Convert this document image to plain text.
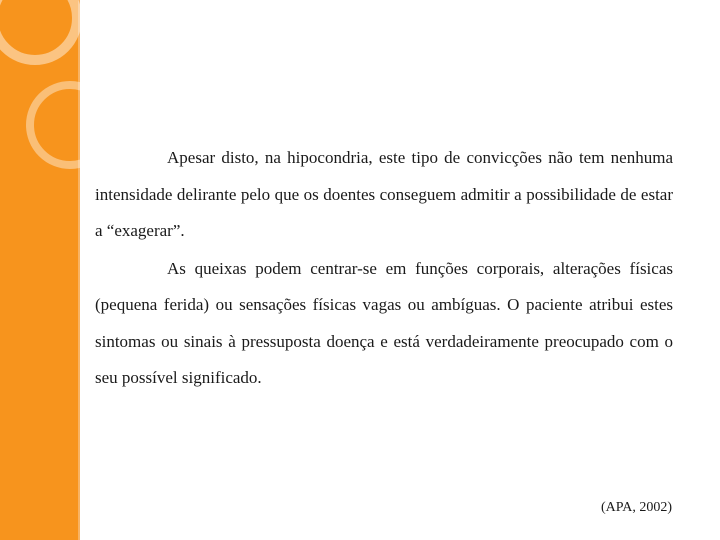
Apesar disto, na hipocondria, este tipo de convicções não tem nenhuma intensidade delirante pelo que os doentes conseguem admitir a possibilidade de estar a “exagerar”.

As queixas podem centrar-se em funções corporais, alterações físicas (pequena ferida) ou sensações físicas vagas ou ambíguas. O paciente atribui estes sintomas ou sinais à pressuposta doença e está verdadeiramente preocupado com o seu possível significado.

(APA, 2002)
